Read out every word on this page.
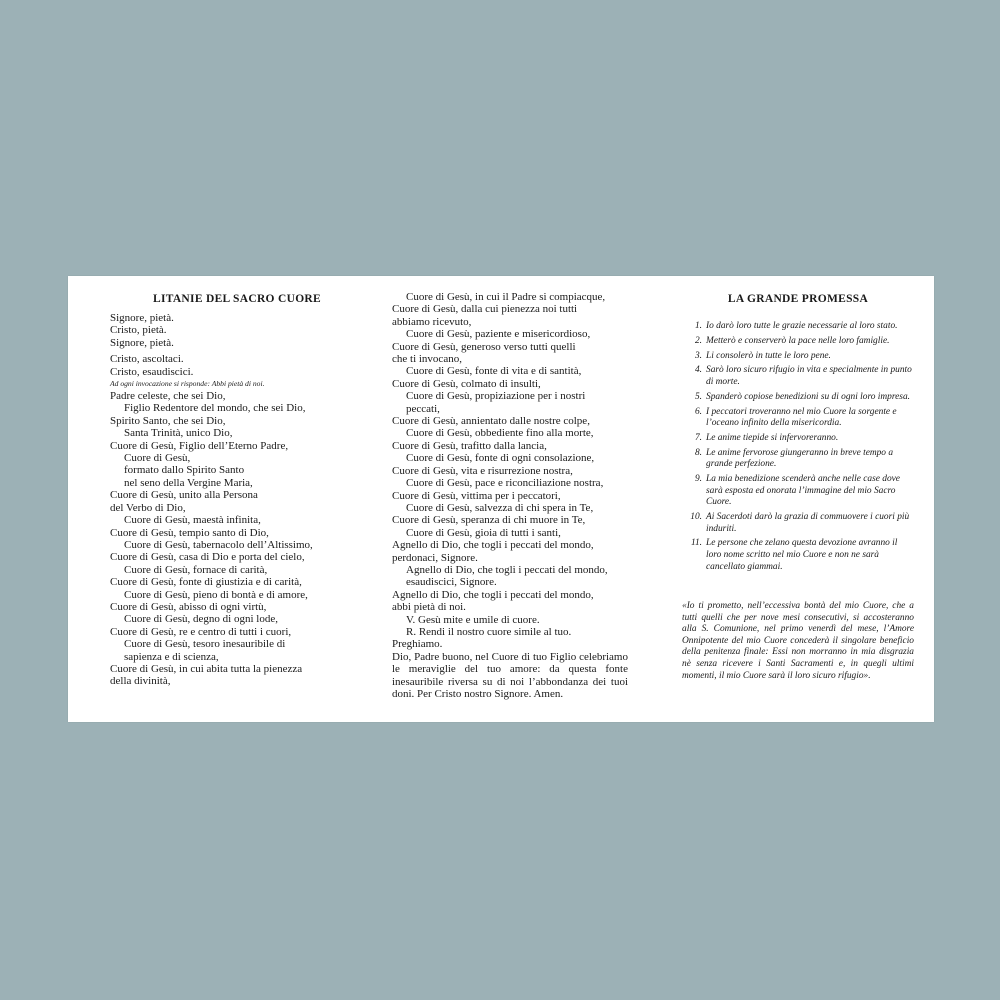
LITANIE DEL SACRO CUORE
Signore, pietà.
Cristo, pietà.
Signore, pietà.
Cristo, ascoltaci.
Cristo, esaudiscici.
Ad ogni invocazione si risponde: Abbi pietà di noi.
Padre celeste, che sei Dio,
Figlio Redentore del mondo, che sei Dio,
Spirito Santo, che sei Dio,
Santa Trinità, unico Dio,
Cuore di Gesù, Figlio dell’Eterno Padre,
Cuore di Gesù,
formato dallo Spirito Santo
nel seno della Vergine Maria,
Cuore di Gesù, unito alla Persona
del Verbo di Dio,
Cuore di Gesù, maestà infinita,
Cuore di Gesù, tempio santo di Dio,
Cuore di Gesù, tabernacolo dell’Altissimo,
Cuore di Gesù, casa di Dio e porta del cielo,
Cuore di Gesù, fornace di carità,
Cuore di Gesù, fonte di giustizia e di carità,
Cuore di Gesù, pieno di bontà e di amore,
Cuore di Gesù, abisso di ogni virtù,
Cuore di Gesù, degno di ogni lode,
Cuore di Gesù, re e centro di tutti i cuori,
Cuore di Gesù, tesoro inesauribile di
sapienza e di scienza,
Cuore di Gesù, in cui abita tutta la pienezza
della divinità,
Cuore di Gesù, in cui il Padre si compiacque,
Cuore di Gesù, dalla cui pienezza noi tutti
abbiamo ricevuto,
Cuore di Gesù, paziente e misericordioso,
Cuore di Gesù, generoso verso tutti quelli
che ti invocano,
Cuore di Gesù, fonte di vita e di santità,
Cuore di Gesù, colmato di insulti,
Cuore di Gesù, propiziazione per i nostri
peccati,
Cuore di Gesù, annientato dalle nostre colpe,
Cuore di Gesù, obbediente fino alla morte,
Cuore di Gesù, trafitto dalla lancia,
Cuore di Gesù, fonte di ogni consolazione,
Cuore di Gesù, vita e risurrezione nostra,
Cuore di Gesù, pace e riconciliazione nostra,
Cuore di Gesù, vittima per i peccatori,
Cuore di Gesù, salvezza di chi spera in Te,
Cuore di Gesù, speranza di chi muore in Te,
Cuore di Gesù, gioia di tutti i santi,
Agnello di Dio, che togli i peccati del mondo,
perdonaci, Signore.
Agnello di Dio, che togli i peccati del mondo,
esaudiscici, Signore.
Agnello di Dio, che togli i peccati del mondo,
abbi pietà di noi.
V. Gesù mite e umile di cuore.
R. Rendi il nostro cuore simile al tuo.
Preghiamo.
Dio, Padre buono, nel Cuore di tuo Figlio celebriamo le meraviglie del tuo amore: da questa fonte inesauribile riversa su di noi l’abbondanza dei tuoi doni. Per Cristo nostro Signore. Amen.
LA GRANDE PROMESSA
1. Io darò loro tutte le grazie necessarie al loro stato.
2. Metterò e conserverò la pace nelle loro famiglie.
3. Li consolerò in tutte le loro pene.
4. Sarò loro sicuro rifugio in vita e specialmente in punto di morte.
5. Spanderò copiose benedizioni su di ogni loro impresa.
6. I peccatori troveranno nel mio Cuore la sorgente e l’oceano infinito della misericordia.
7. Le anime tiepide si infervoreranno.
8. Le anime fervorose giungeranno in breve tempo a grande perfezione.
9. La mia benedizione scenderà anche nelle case dove sarà esposta ed onorata l’immagine del mio Sacro Cuore.
10. Ai Sacerdoti darò la grazia di commuovere i cuori più induriti.
11. Le persone che zelano questa devozione avranno il loro nome scritto nel mio Cuore e non ne sarà cancellato giammai.
«Io ti prometto, nell’eccessiva bontà del mio Cuore, che a tutti quelli che per nove mesi consecutivi, si accosteranno alla S. Comunione, nel primo venerdì del mese, l’Amore Onnipotente del mio Cuore concederà il singolare beneficio della penitenza finale: Essi non morranno in mia disgrazia nè senza ricevere i Santi Sacramenti e, in quegli ultimi momenti, il mio Cuore sarà il loro sicuro rifugio».
